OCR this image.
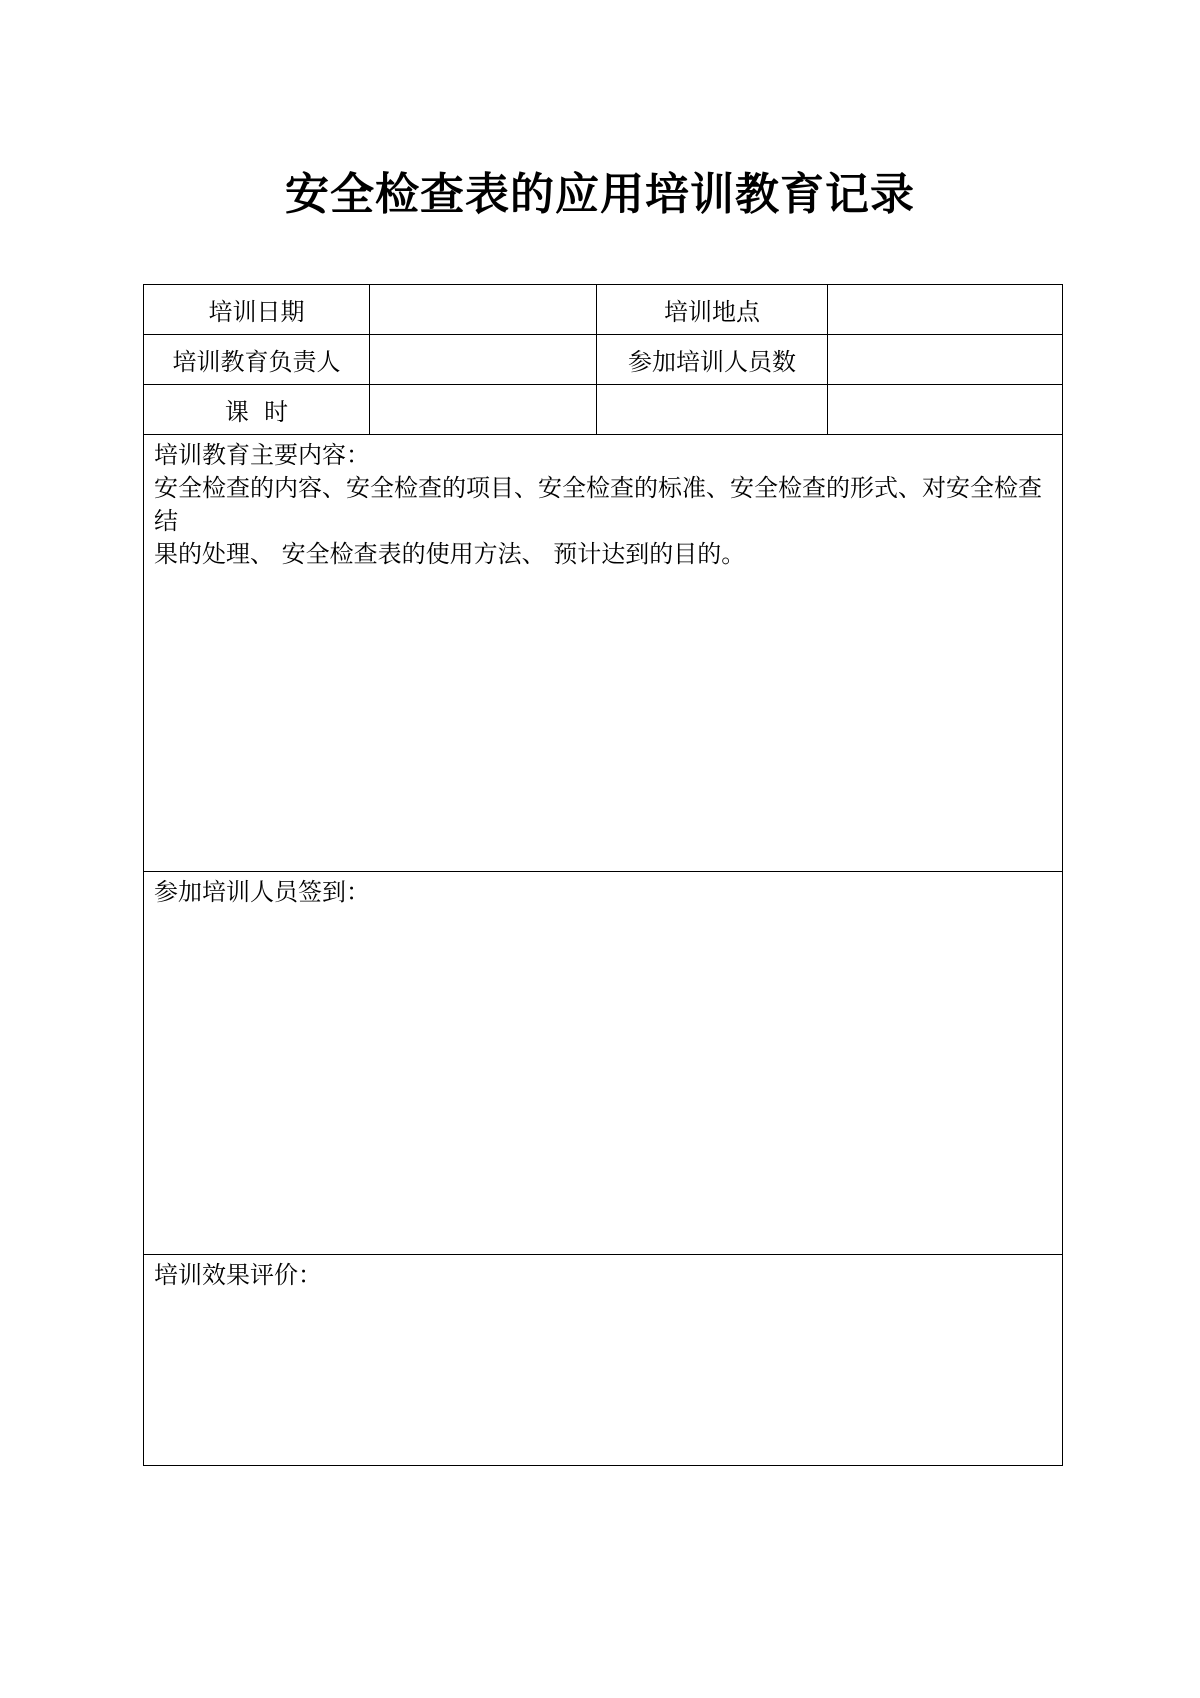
安全检查表的应用培训教育记录
培训日期		培训地点	
培训教育负责人		参加培训人员数	
课  时			

培训教育主要内容：
安全检查的内容、安全检查的项目、安全检查的标准、安全检查的形式、对安全检查结
果的处理、 安全检查表的使用方法、 预计达到的目的。			

参加培训人员签到：			

培训效果评价：			
